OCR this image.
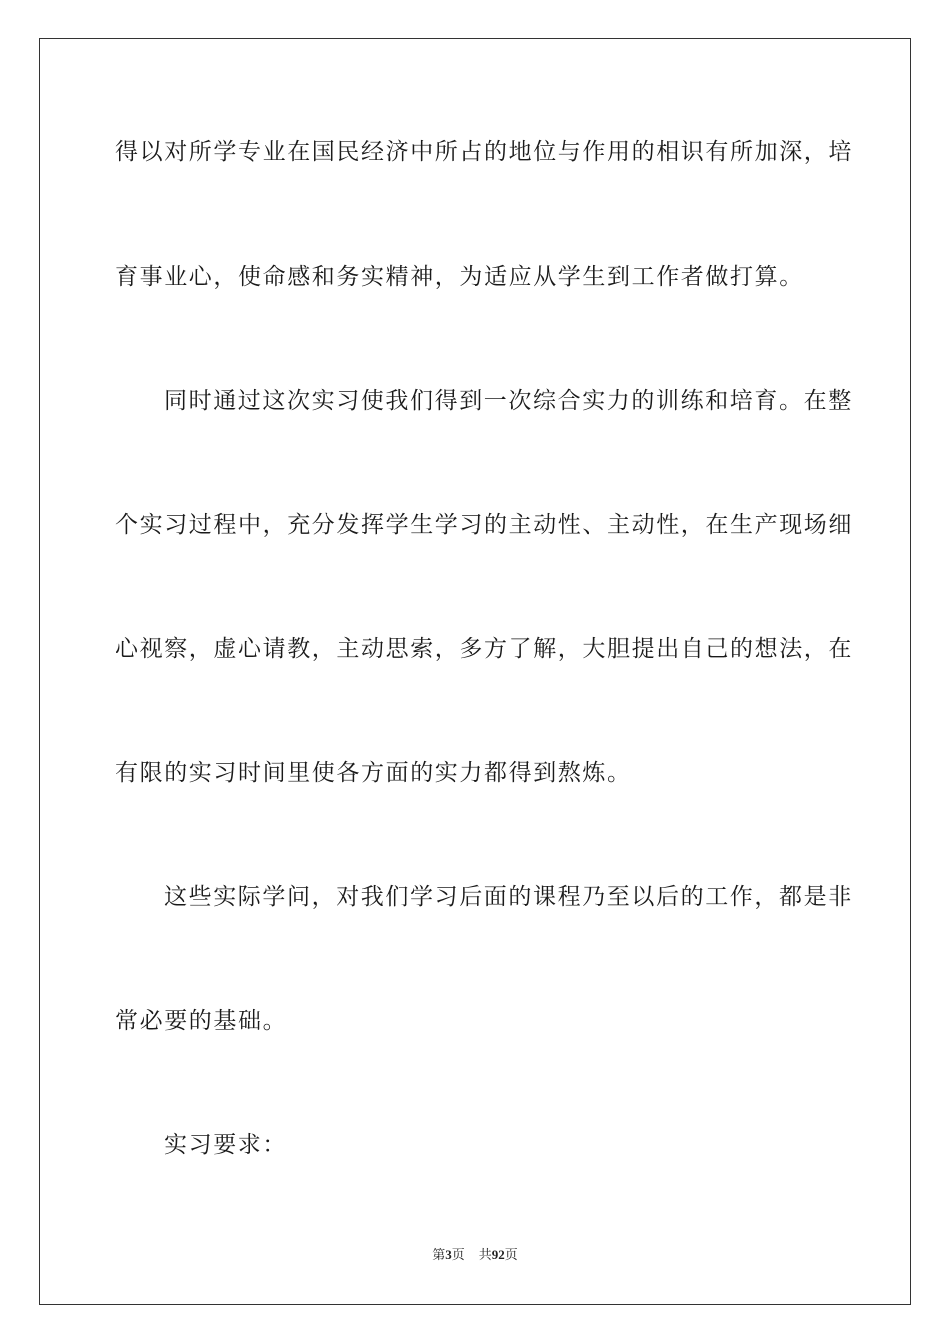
得以对所学专业在国民经济中所占的地位与作用的相识有所加深，培
育事业心，使命感和务实精神，为适应从学生到工作者做打算。
同时通过这次实习使我们得到一次综合实力的训练和培育。在整
个实习过程中，充分发挥学生学习的主动性、主动性，在生产现场细
心视察，虚心请教，主动思索，多方了解，大胆提出自己的想法，在
有限的实习时间里使各方面的实力都得到熬炼。
这些实际学问，对我们学习后面的课程乃至以后的工作，都是非
常必要的基础。
实习要求：
第3页 共92页
